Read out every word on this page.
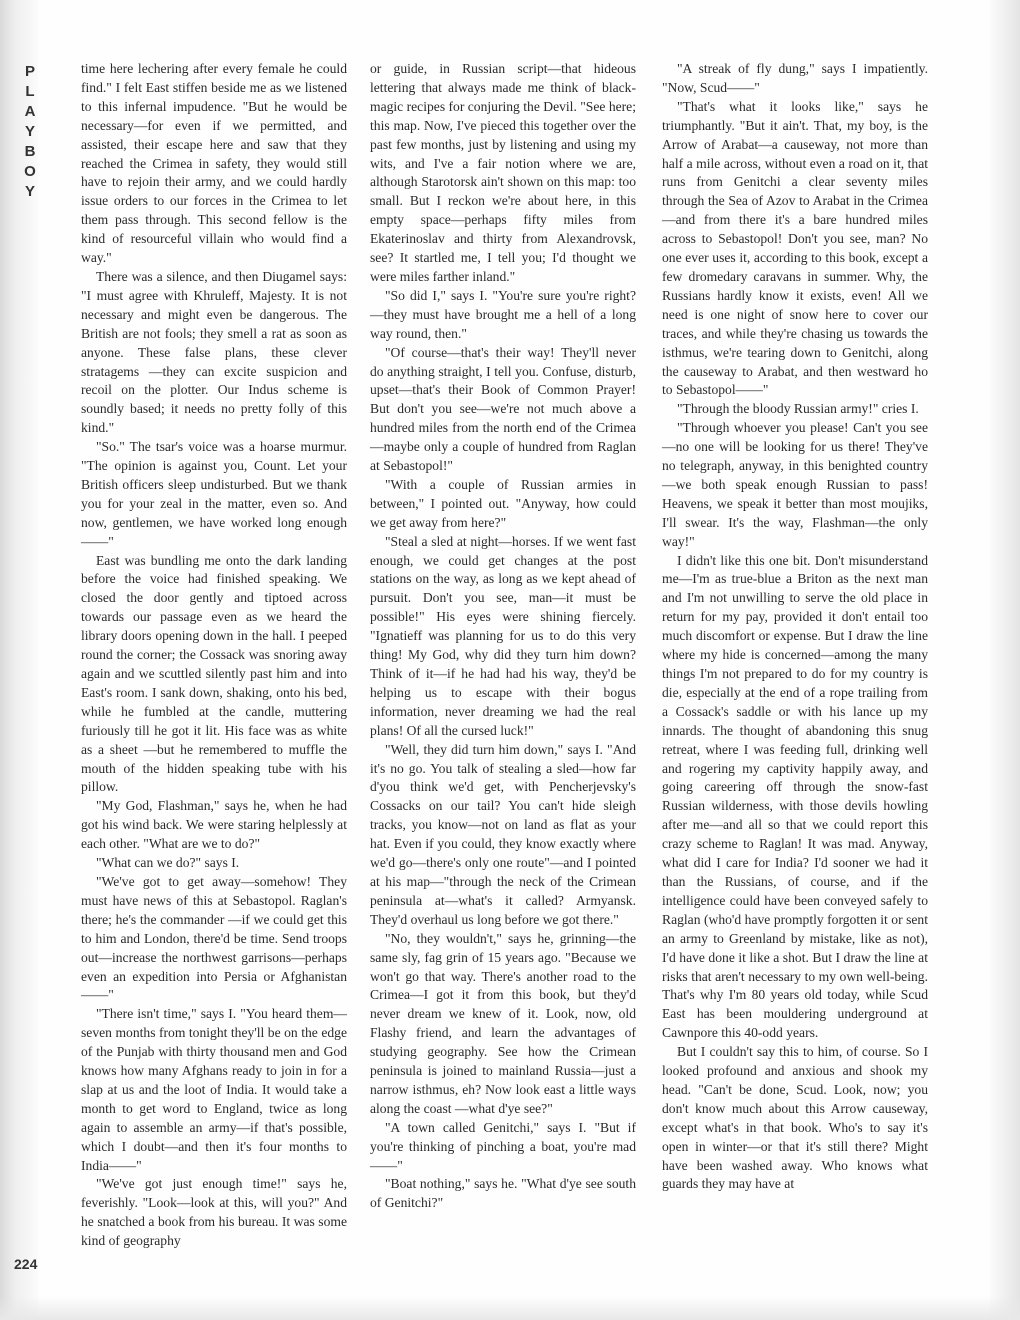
P
L
A
Y
B
O
Y
224

time here lechering after every female he could find." I felt East stiffen beside me as we listened to this infernal impudence. "But he would be necessary—for even if we permitted, and assisted, their escape here and saw that they reached the Crimea in safety, they would still have to rejoin their army, and we could hardly issue orders to our forces in the Crimea to let them pass through. This second fellow is the kind of resourceful villain who would find a way."

There was a silence, and then Diugamel says: "I must agree with Khruleff, Majesty. It is not necessary and might even be dangerous. The British are not fools; they smell a rat as soon as anyone. These false plans, these clever stratagems —they can excite suspicion and recoil on the plotter. Our Indus scheme is soundly based; it needs no pretty folly of this kind."

"So." The tsar's voice was a hoarse murmur. "The opinion is against you, Count. Let your British officers sleep undisturbed. But we thank you for your zeal in the matter, even so. And now, gentlemen, we have worked long enough——"

East was bundling me onto the dark landing before the voice had finished speaking. We closed the door gently and tiptoed across towards our passage even as we heard the library doors opening down in the hall. I peeped round the corner; the Cossack was snoring away again and we scuttled silently past him and into East's room. I sank down, shaking, onto his bed, while he fumbled at the candle, muttering furiously till he got it lit. His face was as white as a sheet —but he remembered to muffle the mouth of the hidden speaking tube with his pillow.

"My God, Flashman," says he, when he had got his wind back. We were staring helplessly at each other. "What are we to do?"

"What can we do?" says I.

"We've got to get away—somehow! They must have news of this at Sebastopol. Raglan's there; he's the commander —if we could get this to him and London, there'd be time. Send troops out—increase the northwest garrisons—perhaps even an expedition into Persia or Afghanistan——"

"There isn't time," says I. "You heard them—seven months from tonight they'll be on the edge of the Punjab with thirty thousand men and God knows how many Afghans ready to join in for a slap at us and the loot of India. It would take a month to get word to England, twice as long again to assemble an army—if that's possible, which I doubt—and then it's four months to India——"

"We've got just enough time!" says he, feverishly. "Look—look at this, will you?" And he snatched a book from his bureau. It was some kind of geography

or guide, in Russian script—that hideous lettering that always made me think of black-magic recipes for conjuring the Devil. "See here; this map. Now, I've pieced this together over the past few months, just by listening and using my wits, and I've a fair notion where we are, although Starotorsk ain't shown on this map: too small. But I reckon we're about here, in this empty space—perhaps fifty miles from Ekaterinoslav and thirty from Alexandrovsk, see? It startled me, I tell you; I'd thought we were miles farther inland."

"So did I," says I. "You're sure you're right?—they must have brought me a hell of a long way round, then."

"Of course—that's their way! They'll never do anything straight, I tell you. Confuse, disturb, upset—that's their Book of Common Prayer! But don't you see—we're not much above a hundred miles from the north end of the Crimea—maybe only a couple of hundred from Raglan at Sebastopol!"

"With a couple of Russian armies in between," I pointed out. "Anyway, how could we get away from here?"

"Steal a sled at night—horses. If we went fast enough, we could get changes at the post stations on the way, as long as we kept ahead of pursuit. Don't you see, man—it must be possible!" His eyes were shining fiercely. "Ignatieff was planning for us to do this very thing! My God, why did they turn him down? Think of it—if he had had his way, they'd be helping us to escape with their bogus information, never dreaming we had the real plans! Of all the cursed luck!"

"Well, they did turn him down," says I. "And it's no go. You talk of stealing a sled—how far d'you think we'd get, with Pencherjevsky's Cossacks on our tail? You can't hide sleigh tracks, you know—not on land as flat as your hat. Even if you could, they know exactly where we'd go—there's only one route"—and I pointed at his map—"through the neck of the Crimean peninsula at—what's it called? Armyansk. They'd overhaul us long before we got there."

"No, they wouldn't," says he, grinning—the same sly, fag grin of 15 years ago. "Because we won't go that way. There's another road to the Crimea—I got it from this book, but they'd never dream we knew of it. Look, now, old Flashy friend, and learn the advantages of studying geography. See how the Crimean peninsula is joined to mainland Russia—just a narrow isthmus, eh? Now look east a little ways along the coast —what d'ye see?"

"A town called Genitchi," says I. "But if you're thinking of pinching a boat, you're mad——"

"Boat nothing," says he. "What d'ye see south of Genitchi?"

"A streak of fly dung," says I impatiently. "Now, Scud——"

"That's what it looks like," says he triumphantly. "But it ain't. That, my boy, is the Arrow of Arabat—a causeway, not more than half a mile across, without even a road on it, that runs from Genitchi a clear seventy miles through the Sea of Azov to Arabat in the Crimea—and from there it's a bare hundred miles across to Sebastopol! Don't you see, man? No one ever uses it, according to this book, except a few dromedary caravans in summer. Why, the Russians hardly know it exists, even! All we need is one night of snow here to cover our traces, and while they're chasing us towards the isthmus, we're tearing down to Genitchi, along the causeway to Arabat, and then westward ho to Sebastopol——"

"Through the bloody Russian army!" cries I.

"Through whoever you please! Can't you see—no one will be looking for us there! They've no telegraph, anyway, in this benighted country—we both speak enough Russian to pass! Heavens, we speak it better than most moujiks, I'll swear. It's the way, Flashman—the only way!"

I didn't like this one bit. Don't misunderstand me—I'm as true-blue a Briton as the next man and I'm not unwilling to serve the old place in return for my pay, provided it don't entail too much discomfort or expense. But I draw the line where my hide is concerned—among the many things I'm not prepared to do for my country is die, especially at the end of a rope trailing from a Cossack's saddle or with his lance up my innards. The thought of abandoning this snug retreat, where I was feeding full, drinking well and rogering my captivity happily away, and going careering off through the snow-fast Russian wilderness, with those devils howling after me—and all so that we could report this crazy scheme to Raglan! It was mad. Anyway, what did I care for India? I'd sooner we had it than the Russians, of course, and if the intelligence could have been conveyed safely to Raglan (who'd have promptly forgotten it or sent an army to Greenland by mistake, like as not), I'd have done it like a shot. But I draw the line at risks that aren't necessary to my own well-being. That's why I'm 80 years old today, while Scud East has been mouldering underground at Cawnpore this 40-odd years.

But I couldn't say this to him, of course. So I looked profound and anxious and shook my head. "Can't be done, Scud. Look, now; you don't know much about this Arrow causeway, except what's in that book. Who's to say it's open in winter—or that it's still there? Might have been washed away. Who knows what guards they may have at
